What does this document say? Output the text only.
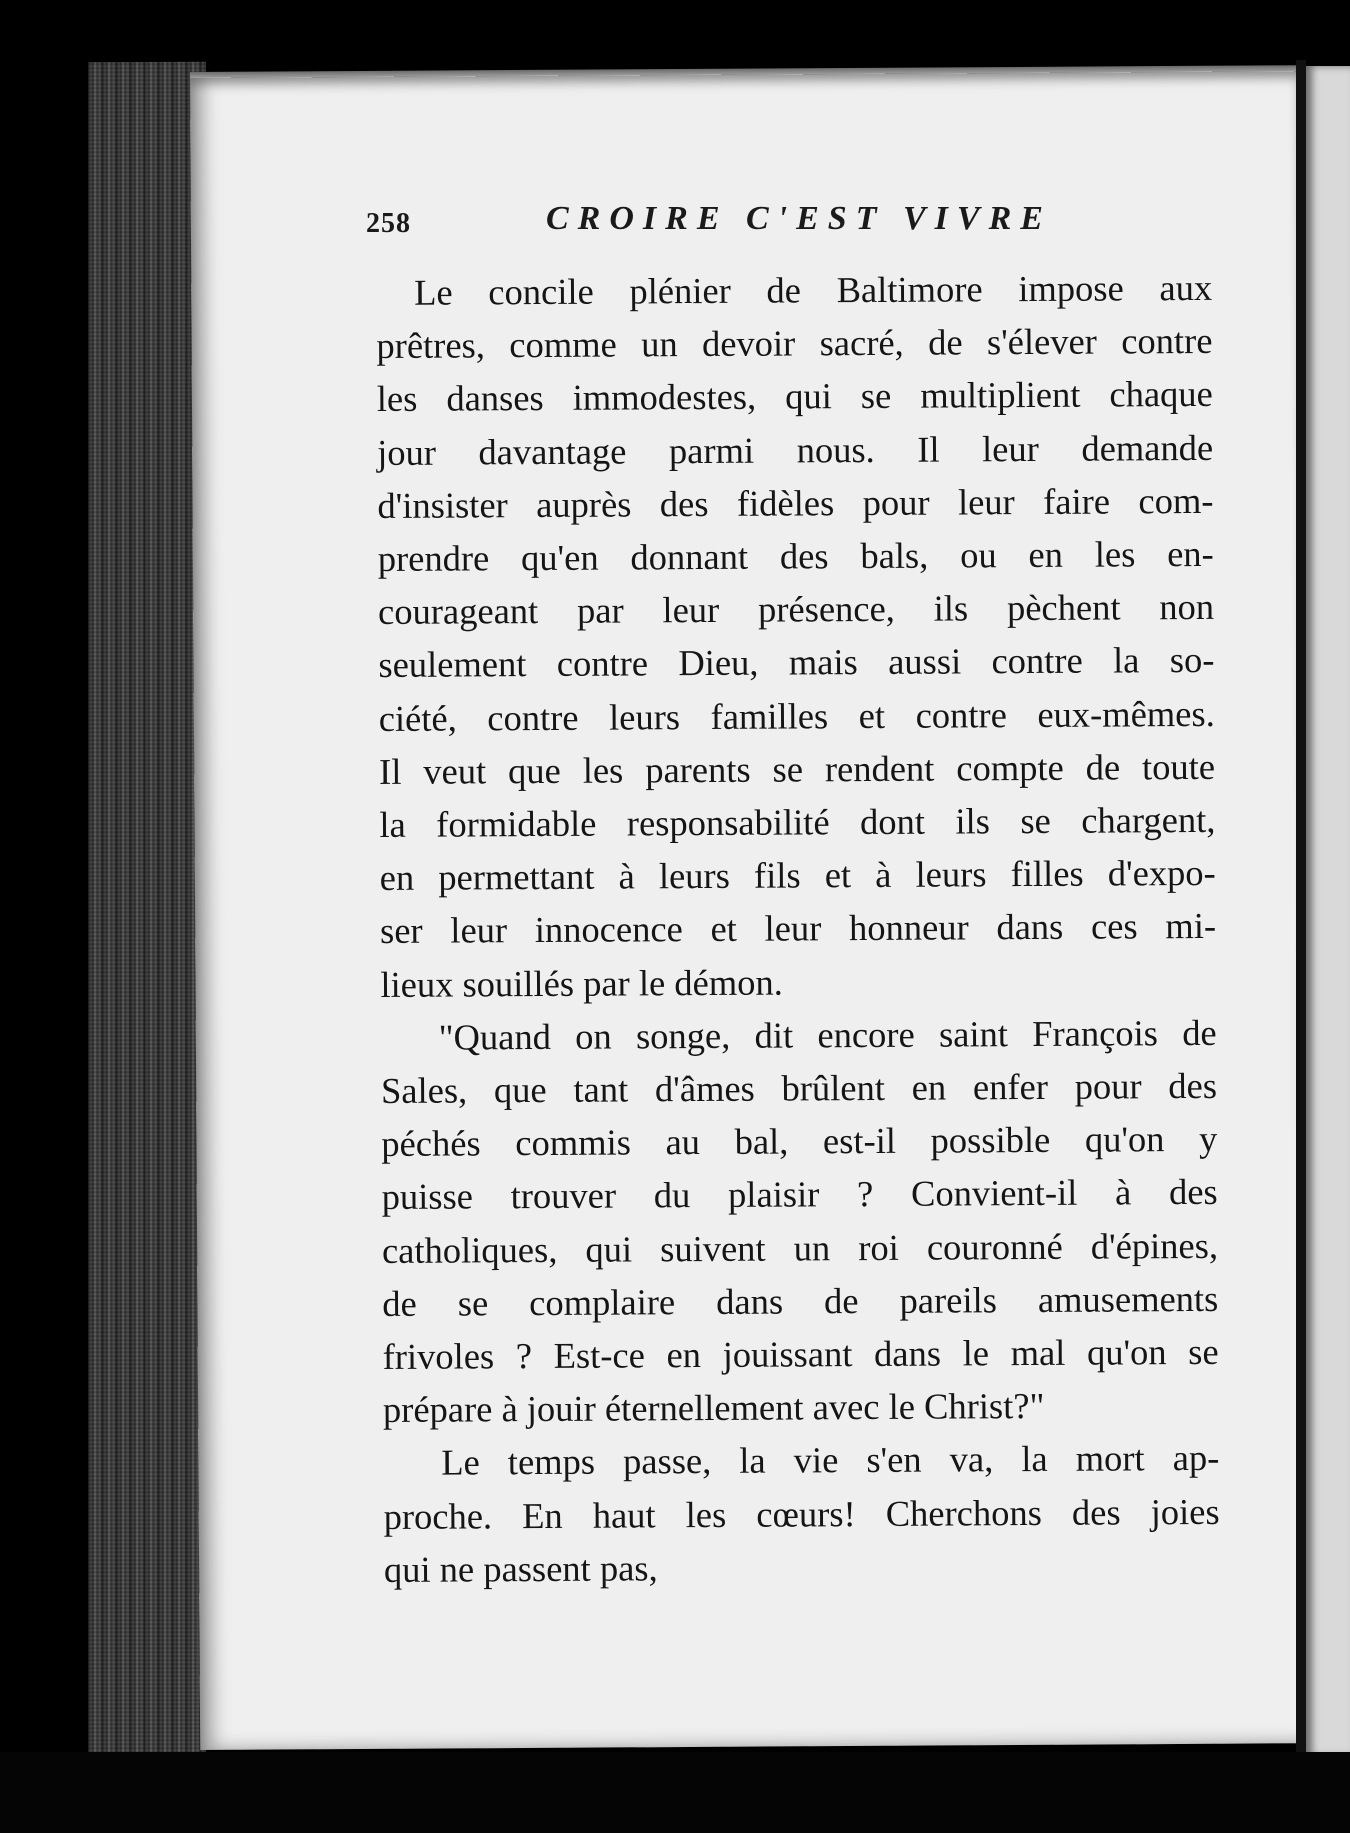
258	CROIRE C'EST VIVRE

Le concile plénier de Baltimore impose aux
prêtres, comme un devoir sacré, de s'élever contre
les danses immodestes, qui se multiplient chaque
jour davantage parmi nous. Il leur demande
d'insister auprès des fidèles pour leur faire com-
prendre qu'en donnant des bals, ou en les en-
courageant par leur présence, ils pèchent non
seulement contre Dieu, mais aussi contre la so-
ciété, contre leurs familles et contre eux-mêmes.
Il veut que les parents se rendent compte de toute
la formidable responsabilité dont ils se chargent,
en permettant à leurs fils et à leurs filles d'expo-
ser leur innocence et leur honneur dans ces mi-
lieux souillés par le démon.

"Quand on songe, dit encore saint François de
Sales, que tant d'âmes brûlent en enfer pour des
péchés commis au bal, est-il possible qu'on y
puisse trouver du plaisir ? Convient-il à des
catholiques, qui suivent un roi couronné d'épines,
de se complaire dans de pareils amusements
frivoles ? Est-ce en jouissant dans le mal qu'on se
prépare à jouir éternellement avec le Christ?"

Le temps passe, la vie s'en va, la mort ap-
proche. En haut les cœurs! Cherchons des joies
qui ne passent pas,
